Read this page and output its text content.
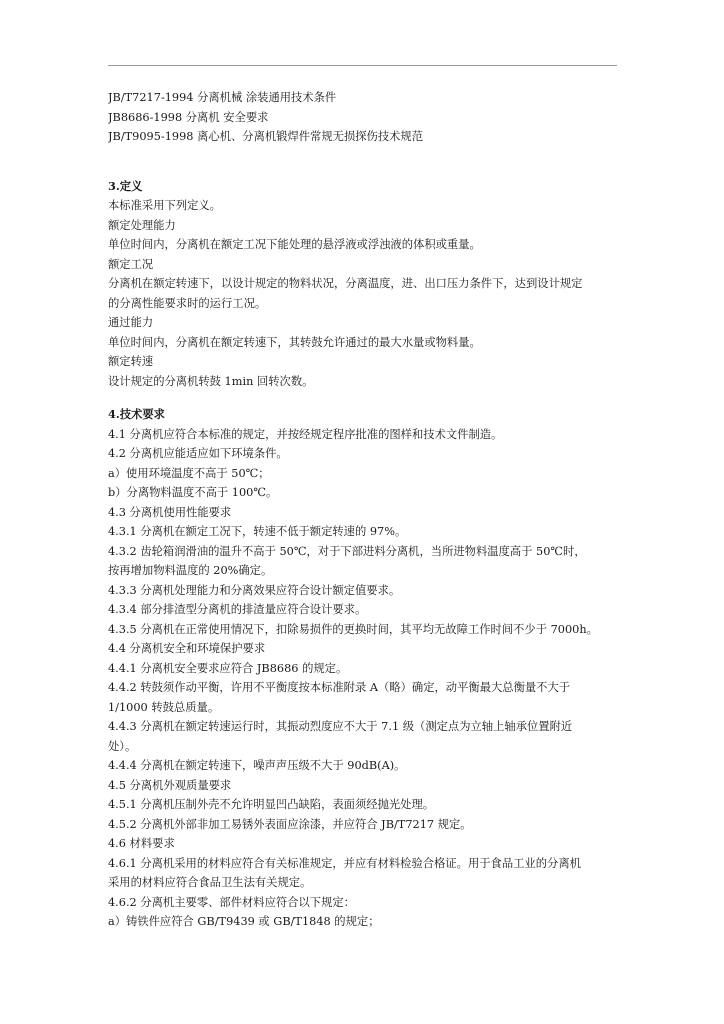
JB/T7217-1994 分离机械 涂装通用技术条件
JB8686-1998 分离机 安全要求
JB/T9095-1998 离心机、分离机锻焊件常规无损探伤技术规范
3.定义
本标准采用下列定义。
额定处理能力
单位时间内，分离机在额定工况下能处理的悬浮液或浮浊液的体积或重量。
额定工况
分离机在额定转速下，以设计规定的物料状况，分离温度，进、出口压力条件下，达到设计规定
的分离性能要求时的运行工况。
通过能力
单位时间内，分离机在额定转速下，其转鼓允许通过的最大水量或物料量。
额定转速
设计规定的分离机转鼓 1min 回转次数。
4.技术要求
4.1 分离机应符合本标准的规定，并按经规定程序批准的图样和技术文件制造。
4.2 分离机应能适应如下环境条件。
a）使用环境温度不高于 50℃；
b）分离物料温度不高于 100℃。
4.3 分离机使用性能要求
4.3.1 分离机在额定工况下，转速不低于额定转速的 97%。
4.3.2 齿轮箱润滑油的温升不高于 50℃，对于下部进料分离机，当所进物料温度高于 50℃时，
按再增加物料温度的 20%确定。
4.3.3 分离机处理能力和分离效果应符合设计额定值要求。
4.3.4 部分排渣型分离机的排渣量应符合设计要求。
4.3.5 分离机在正常使用情况下，扣除易损件的更换时间，其平均无故障工作时间不少于 7000h。
4.4 分离机安全和环境保护要求
4.4.1 分离机安全要求应符合 JB8686 的规定。
4.4.2 转鼓须作动平衡，许用不平衡度按本标准附录 A（略）确定，动平衡最大总衡量不大于
1/1000 转鼓总质量。
4.4.3 分离机在额定转速运行时，其振动烈度应不大于 7.1 级（测定点为立轴上轴承位置附近
处）。
4.4.4 分离机在额定转速下，噪声声压级不大于 90dB(A)。
4.5 分离机外观质量要求
4.5.1 分离机压制外壳不允许明显凹凸缺陷，表面须经抛光处理。
4.5.2 分离机外部非加工易锈外表面应涂漆，并应符合 JB/T7217 规定。
4.6 材料要求
4.6.1 分离机采用的材料应符合有关标准规定，并应有材料检验合格证。用于食品工业的分离机
采用的材料应符合食品卫生法有关规定。
4.6.2 分离机主要零、部件材料应符合以下规定：
a）铸铁件应符合 GB/T9439 或 GB/T1848 的规定；
